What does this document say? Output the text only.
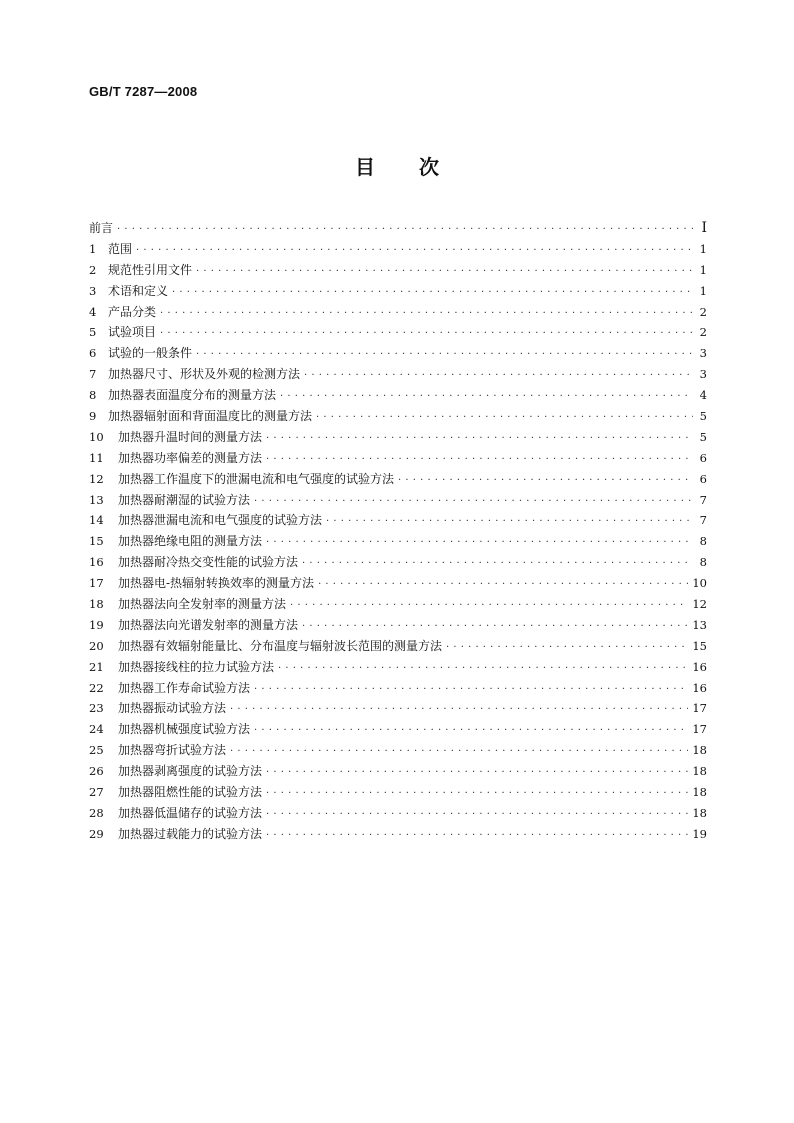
GB/T 7287—2008
目 次
前言 · · ·	Ⅰ
1 范围 · · ·	1
2 规范性引用文件 · · ·	1
3 术语和定义 · · ·	1
4 产品分类 · · ·	2
5 试验项目 · · ·	2
6 试验的一般条件 · · ·	3
7 加热器尺寸、形状及外观的检测方法 · · ·	3
8 加热器表面温度分布的测量方法 · · ·	4
9 加热器辐射面和背面温度比的测量方法 · · ·	5
10	加热器升温时间的测量方法 · · ·	5
11	加热器功率偏差的测量方法 · · ·	6
12	加热器工作温度下的泄漏电流和电气强度的试验方法 · · ·	6
13	加热器耐潮湿的试验方法 · · ·	7
14	加热器泄漏电流和电气强度的试验方法 · · ·	7
15	加热器绝缘电阻的测量方法 · · ·	8
16	加热器耐冷热交变性能的试验方法 · · ·	8
17	加热器电-热辐射转换效率的测量方法 · · ·	10
18	加热器法向全发射率的测量方法 · · ·	12
19	加热器法向光谱发射率的测量方法 · · ·	13
20	加热器有效辐射能量比、分布温度与辐射波长范围的测量方法 · · ·	15
21	加热器接线柱的拉力试验方法 · · ·	16
22	加热器工作寿命试验方法 · · ·	16
23	加热器振动试验方法 · · ·	17
24	加热器机械强度试验方法 · · ·	17
25	加热器弯折试验方法 · · ·	18
26	加热器剥离强度的试验方法 · · ·	18
27	加热器阻燃性能的试验方法 · · ·	18
28	加热器低温储存的试验方法 · · ·	18
29	加热器过载能力的试验方法 · · ·	19
